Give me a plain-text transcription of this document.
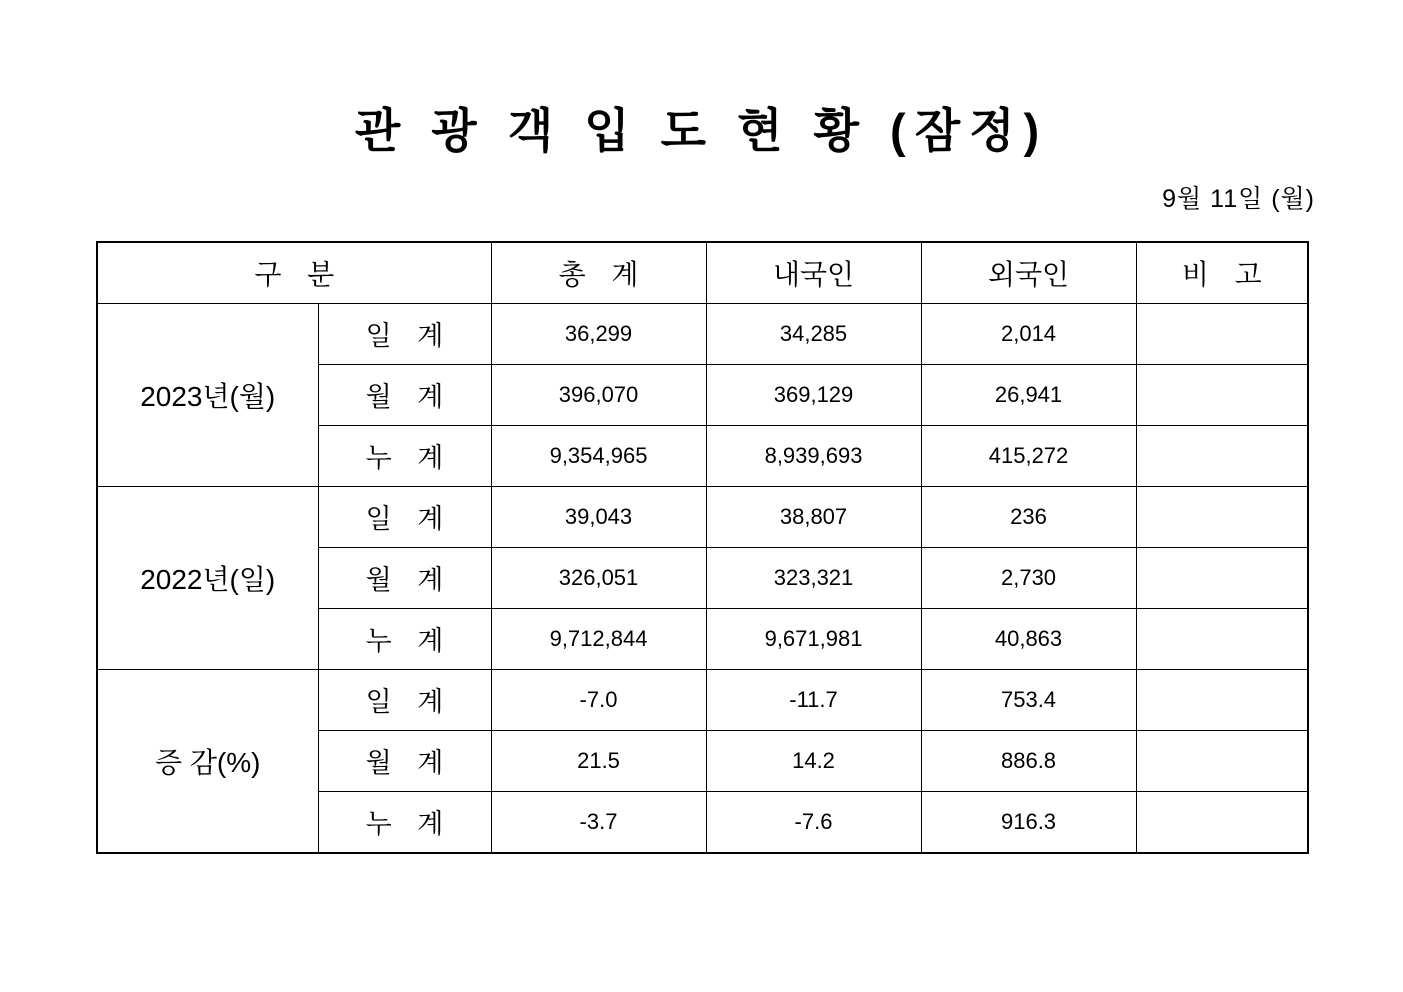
관 광 객 입 도 현 황 (잠정)
9월 11일 (월)
구 분		총 계	내국인	외국인	비 고
2023년(월)	일 계	36,299	34,285	2,014	
	월 계	396,070	369,129	26,941	
	누 계	9,354,965	8,939,693	415,272	
2022년(일)	일 계	39,043	38,807	236	
	월 계	326,051	323,321	2,730	
	누 계	9,712,844	9,671,981	40,863	
증 감(%)	일 계	-7.0	-11.7	753.4	
	월 계	21.5	14.2	886.8	
	누 계	-3.7	-7.6	916.3	
